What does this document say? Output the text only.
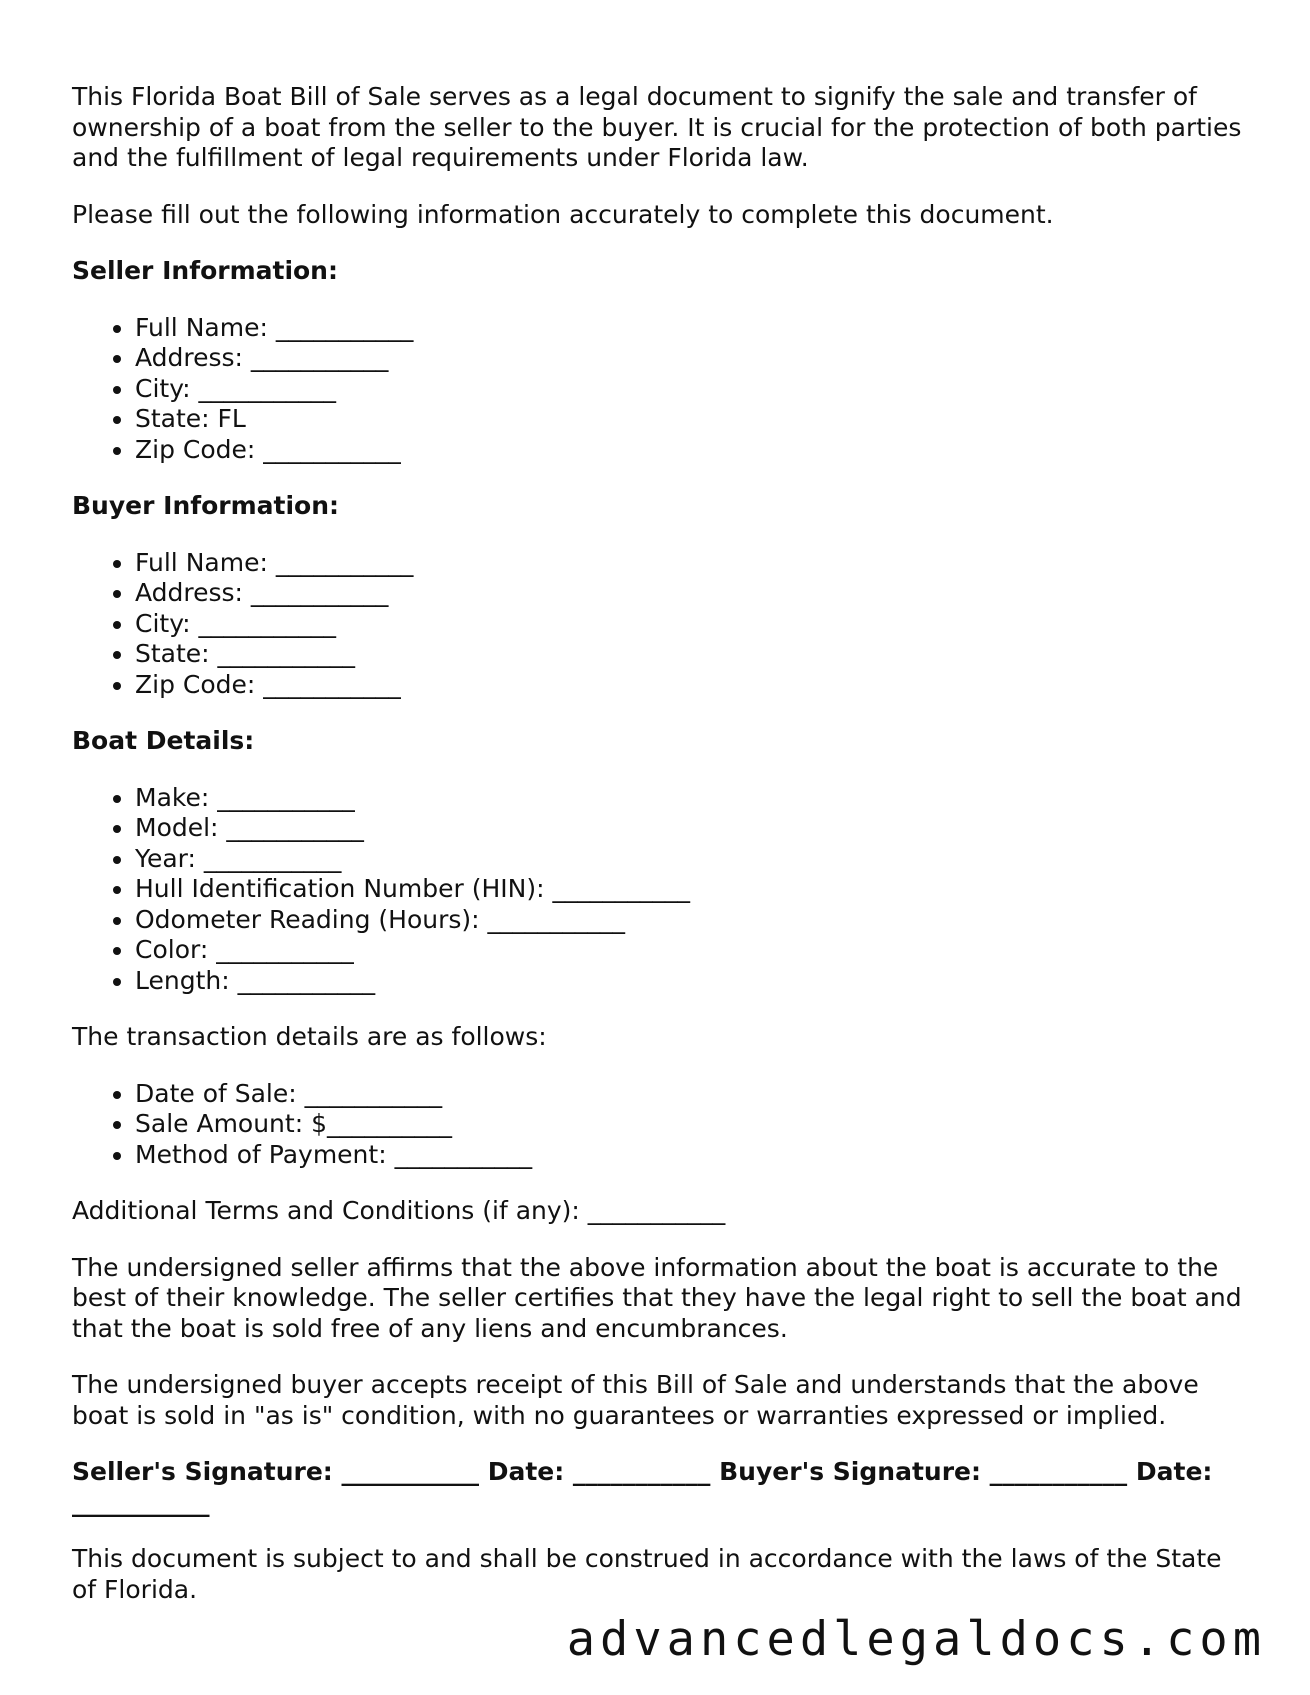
This Florida Boat Bill of Sale serves as a legal document to signify the sale and transfer of ownership of a boat from the seller to the buyer. It is crucial for the protection of both parties and the fulfillment of legal requirements under Florida law.

Please fill out the following information accurately to complete this document.

Seller Information:
• Full Name: ___________
• Address: ___________
• City: ___________
• State: FL
• Zip Code: ___________
Buyer Information:
• Full Name: ___________
• Address: ___________
• City: ___________
• State: ___________
• Zip Code: ___________
Boat Details:
• Make: ___________
• Model: ___________
• Year: ___________
• Hull Identification Number (HIN): ___________
• Odometer Reading (Hours): ___________
• Color: ___________
• Length: ___________

The transaction details are as follows:

• Date of Sale: ___________
• Sale Amount: $__________
• Method of Payment: ___________

Additional Terms and Conditions (if any): ___________

The undersigned seller affirms that the above information about the boat is accurate to the best of their knowledge. The seller certifies that they have the legal right to sell the boat and that the boat is sold free of any liens and encumbrances.

The undersigned buyer accepts receipt of this Bill of Sale and understands that the above boat is sold in "as is" condition, with no guarantees or warranties expressed or implied.

Seller's Signature: ___________ Date: ___________ Buyer's Signature: ___________ Date: ___________

This document is subject to and shall be construed in accordance with the laws of the State of Florida.

advancedlegaldocs.com
